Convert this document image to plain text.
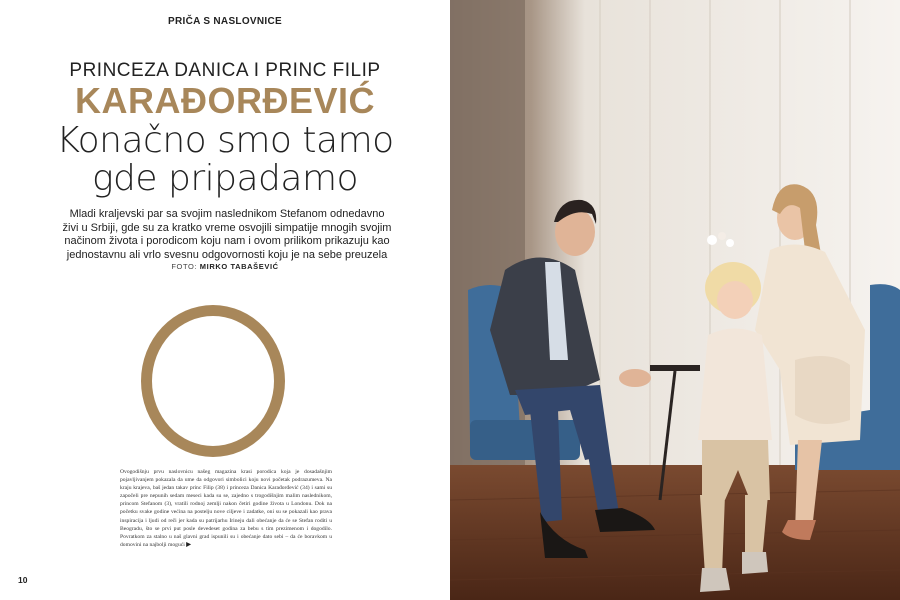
PRIČA S NASLOVNICE
PRINCEZA DANICA I PRINC FILIP
KARAĐORĐEVIĆ
Konačno smo tamo
gde pripadamo
Mladi kraljevski par sa svojim naslednikom Stefanom odnedavno živi u Srbiji, gde su za kratko vreme osvojili simpatije mnogih svojim načinom života i porodicom koju nam i ovom prilikom prikazuju kao jednostavnu ali vrlo svesnu odgovornosti koju je na sebe preuzela
FOTO: MIRKO TABAŠEVIĆ
Ovogodišnju prvu naslovnicu našeg magazina krasi porodica koja je dosadašnjim pojavljivanjem pokazala da ume da odgovori simbolici koju novi početak podrazumeva. Na kraju krajeva, baš jedan takav princ Filip (38) i princeza Danica Karađorđević (34) i sami su započeli pre nepunih sedam meseci kada su se, zajedno s trogodišnjim malim naslednikom, princom Stefanom (3), vratili rodnoj zemlji nakon četiri godine života u Londonu. Dok na početku svake godine većina na postelju nove ciljeve i zadatke, oni su se pokazali kao prava inspiracija i ljudi od reči jer kada su patrijarhu Irineju dali obećanje da će se Stefan roditi u Beogradu, što se prvi put posle devedeset godina za bebu s tim prezimenom i dogodilo. Povratkom za stalno u naš glavni grad ispunili su i obećanje dato sebi – da će boravkom u domovini na najbolji mogući ▶
10
